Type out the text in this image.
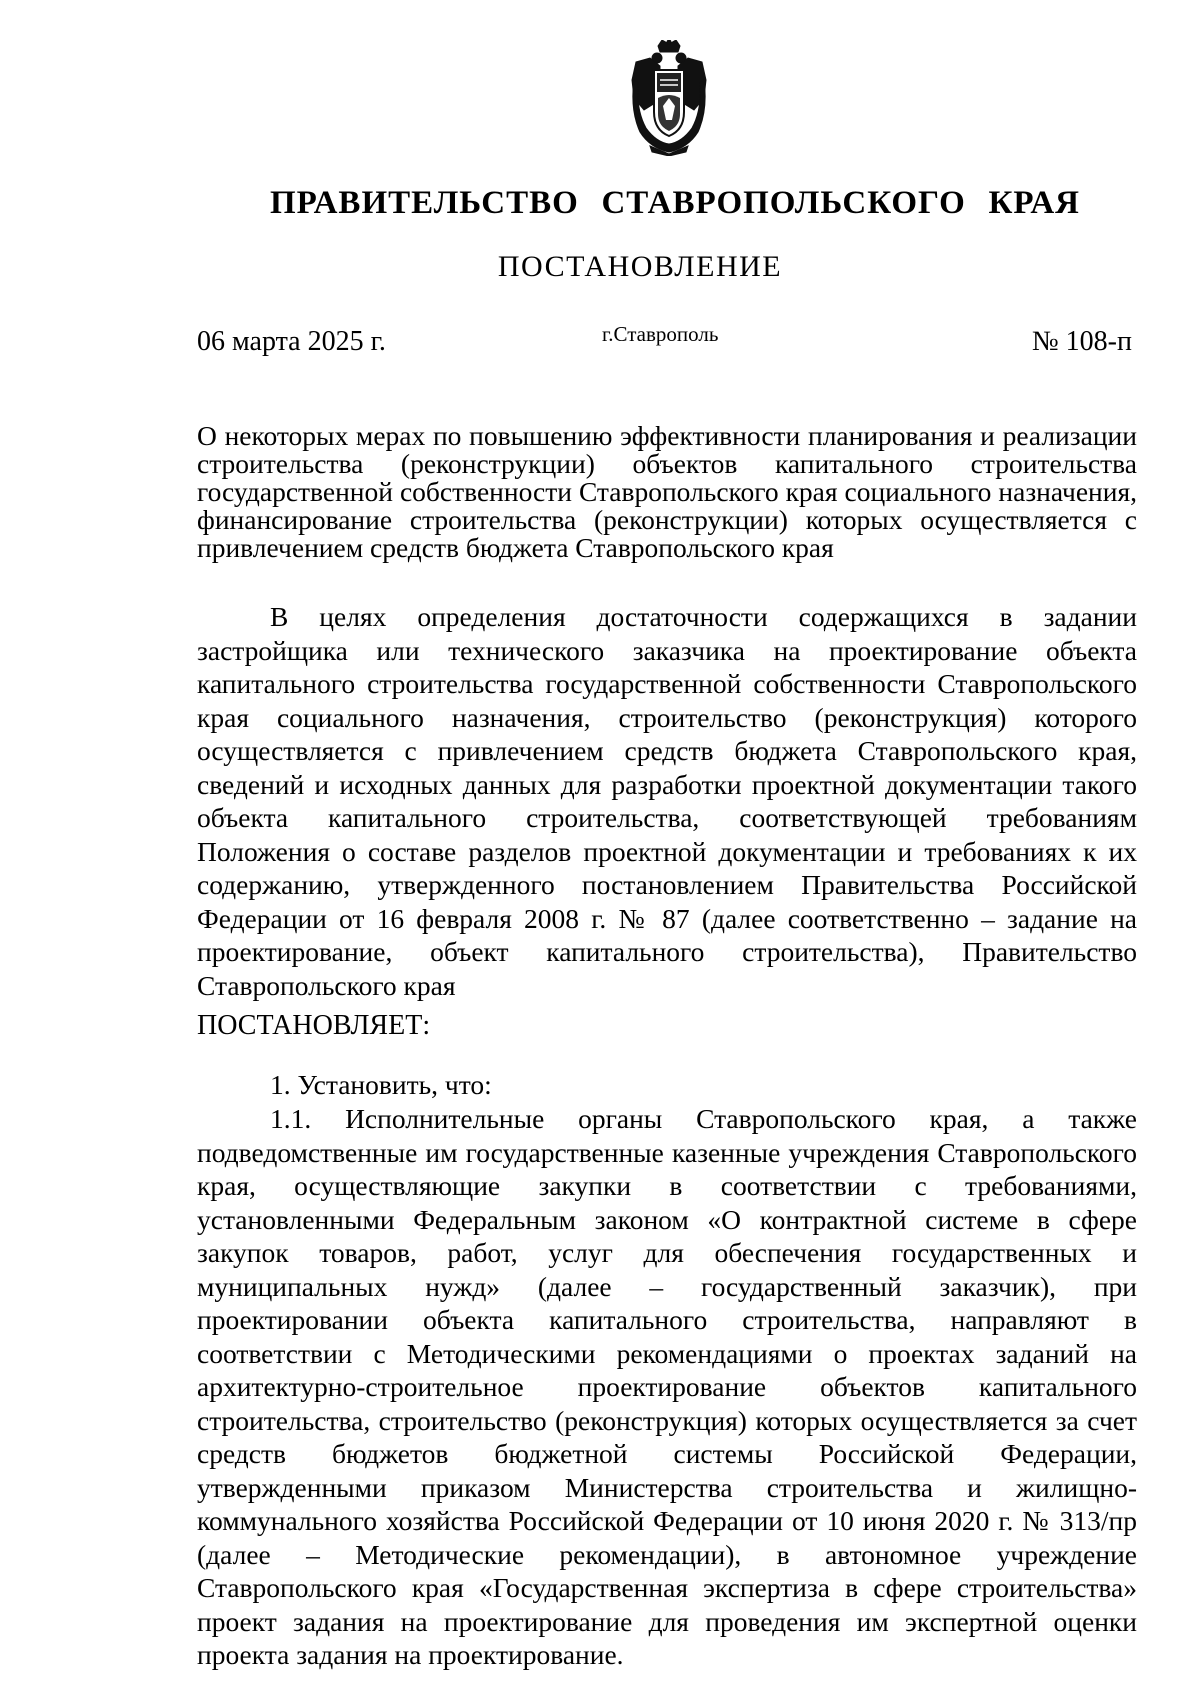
ПРАВИТЕЛЬСТВО СТАВРОПОЛЬСКОГО КРАЯ
ПОСТАНОВЛЕНИЕ
06 марта 2025 г.	г.Ставрополь	№ 108-п
О некоторых мерах по повышению эффективности планирования и реализации строительства (реконструкции) объектов капитального строительства государственной собственности Ставропольского края социального назначения, финансирование строительства (реконструкции) которых осуществляется с привлечением средств бюджета Ставропольского края
В целях определения достаточности содержащихся в задании застройщика или технического заказчика на проектирование объекта капитального строительства государственной собственности Ставропольского края социального назначения, строительство (реконструкция) которого осуществляется с привлечением средств бюджета Ставропольского края, сведений и исходных данных для разработки проектной документации такого объекта капитального строительства, соответствующей требованиям Положения о составе разделов проектной документации и требованиях к их содержанию, утвержденного постановлением Правительства Российской Федерации от 16 февраля 2008 г. № 87 (далее соответственно – задание на проектирование, объект капитального строительства), Правительство Ставропольского края
ПОСТАНОВЛЯЕТ:
1. Установить, что:
1.1. Исполнительные органы Ставропольского края, а также подведомственные им государственные казенные учреждения Ставропольского края, осуществляющие закупки в соответствии с требованиями, установленными Федеральным законом «О контрактной системе в сфере закупок товаров, работ, услуг для обеспечения государственных и муниципальных нужд» (далее – государственный заказчик), при проектировании объекта капитального строительства, направляют в соответствии с Методическими рекомендациями о проектах заданий на архитектурно-строительное проектирование объектов капитального строительства, строительство (реконструкция) которых осуществляется за счет средств бюджетов бюджетной системы Российской Федерации, утвержденными приказом Министерства строительства и жилищно-коммунального хозяйства Российской Федерации от 10 июня 2020 г. № 313/пр (далее – Методические рекомендации), в автономное учреждение Ставропольского края «Государственная экспертиза в сфере строительства» проект задания на проектирование для проведения им экспертной оценки проекта задания на проектирование.
